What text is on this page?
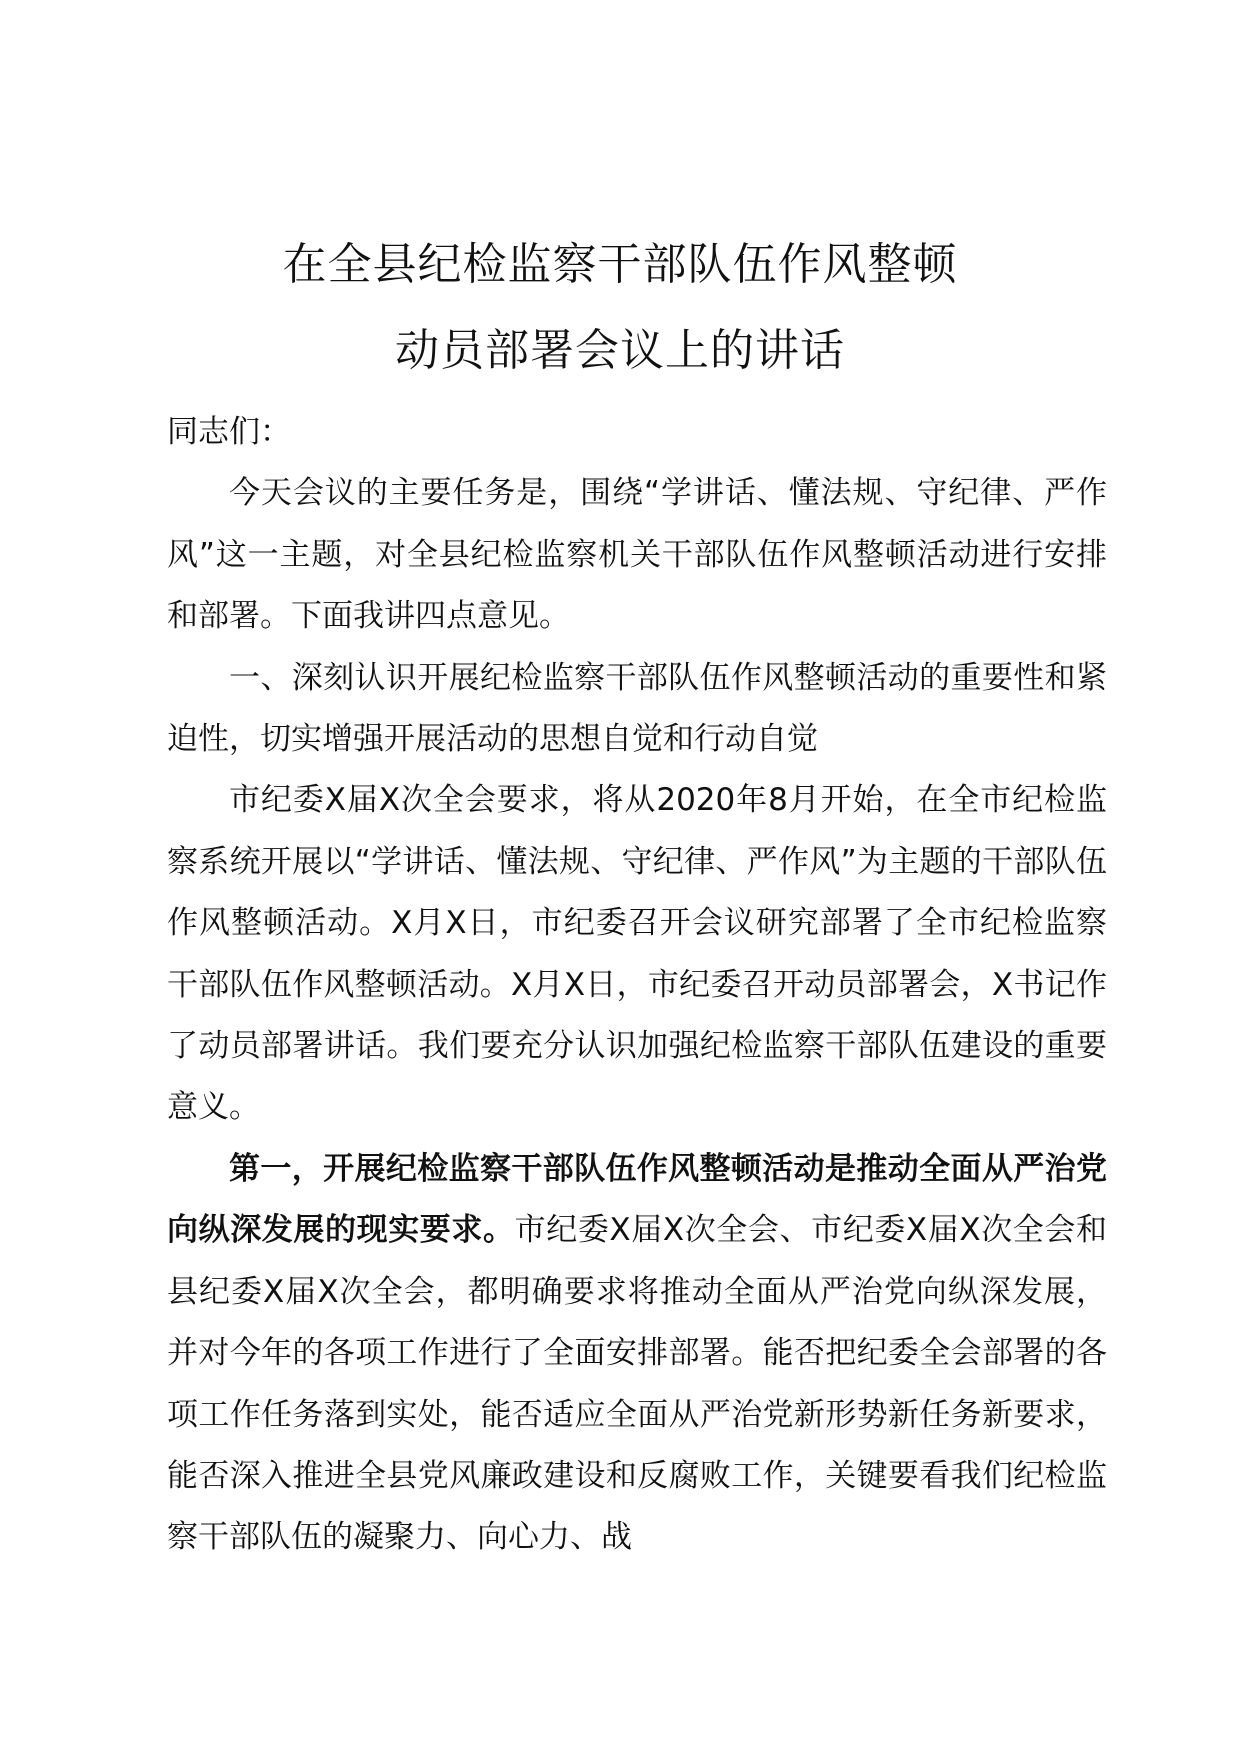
在全县纪检监察干部队伍作风整顿
动员部署会议上的讲话

同志们：

今天会议的主要任务是，围绕“学讲话、懂法规、守纪律、严作风”这一主题，对全县纪检监察机关干部队伍作风整顿活动进行安排和部署。下面我讲四点意见。

一、深刻认识开展纪检监察干部队伍作风整顿活动的重要性和紧迫性，切实增强开展活动的思想自觉和行动自觉

市纪委X届X次全会要求，将从2020年8月开始，在全市纪检监察系统开展以“学讲话、懂法规、守纪律、严作风”为主题的干部队伍作风整顿活动。X月X日，市纪委召开会议研究部署了全市纪检监察干部队伍作风整顿活动。X月X日，市纪委召开动员部署会，X书记作了动员部署讲话。我们要充分认识加强纪检监察干部队伍建设的重要意义。

第一，开展纪检监察干部队伍作风整顿活动是推动全面从严治党向纵深发展的现实要求。市纪委X届X次全会、市纪委X届X次全会和县纪委X届X次全会，都明确要求将推动全面从严治党向纵深发展，并对今年的各项工作进行了全面安排部署。能否把纪委全会部署的各项工作任务落到实处，能否适应全面从严治党新形势新任务新要求，能否深入推进全县党风廉政建设和反腐败工作，关键要看我们纪检监察干部队伍的凝聚力、向心力、战
